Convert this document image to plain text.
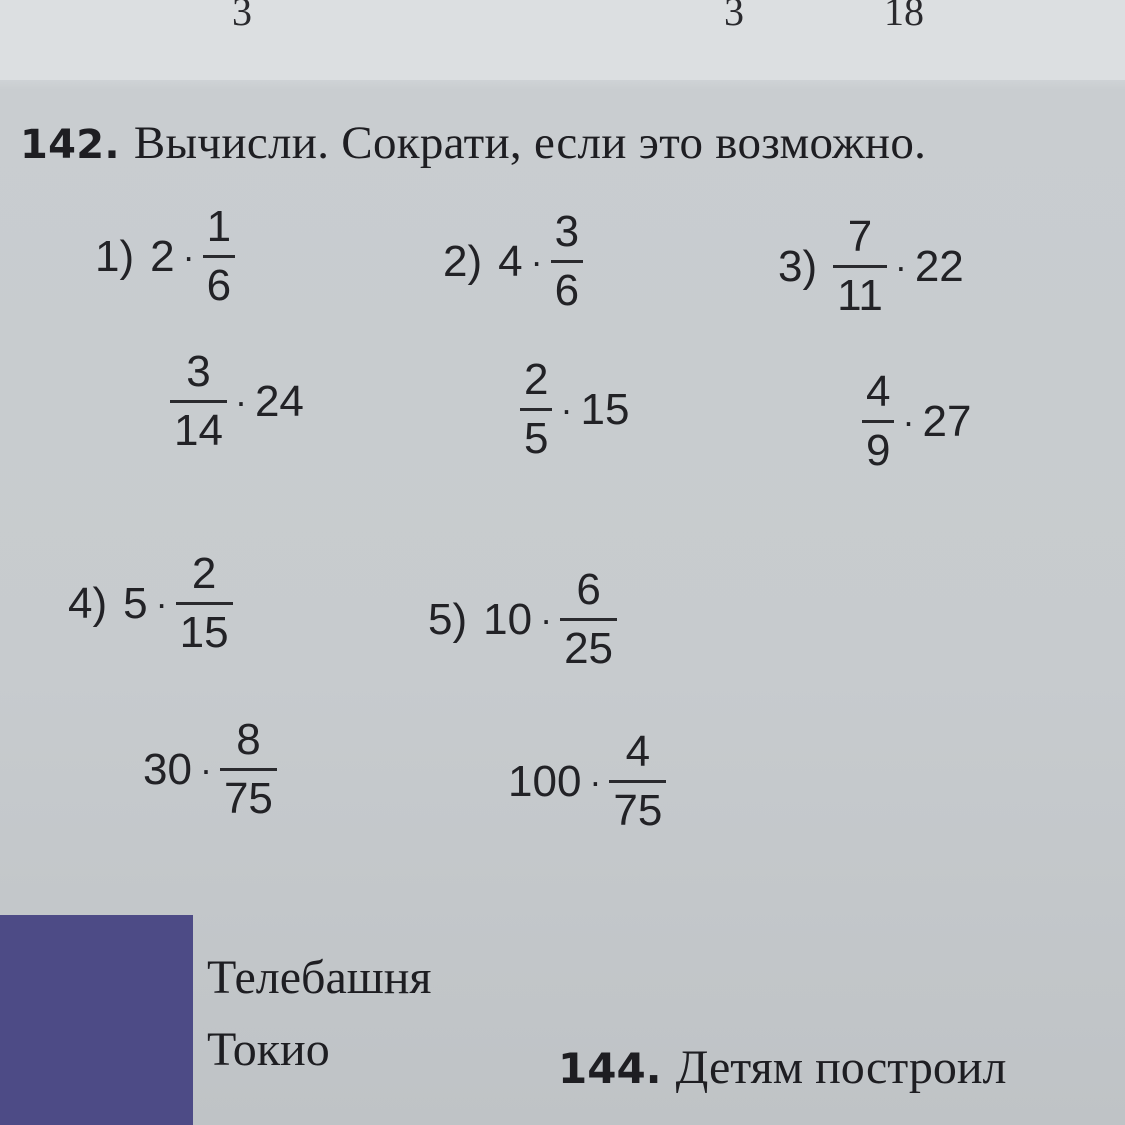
3	3	18
142. Вычисли. Сократи, если это возможно.
1) $2 \cdot \frac{1}{6}$	2) $4 \cdot \frac{3}{6}$	$3) \frac{7}{11} \cdot 22$
$\frac{3}{14} \cdot 24$	$\frac{2}{5} \cdot 15$	$\frac{4}{9} \cdot 27$
4) $5 \cdot \frac{2}{15}$	5) $10 \cdot \frac{6}{25}$
$30 \cdot \frac{8}{75}$	$100 \cdot \frac{4}{75}$
Телебашня
Токио	144. Детям построил
